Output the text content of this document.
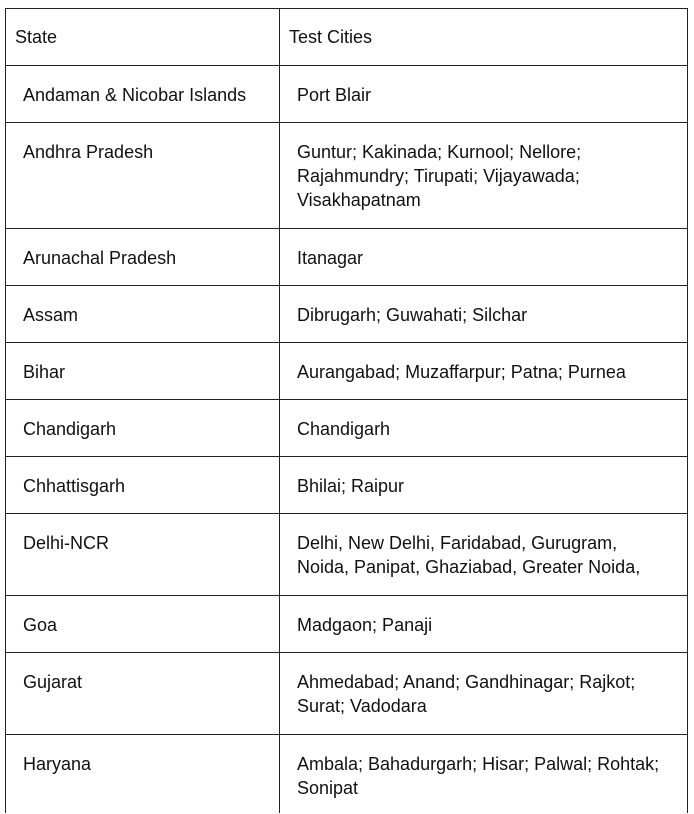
State	Test Cities
Andaman & Nicobar Islands	Port Blair
Andhra Pradesh	Guntur; Kakinada; Kurnool; Nellore; Rajahmundry; Tirupati; Vijayawada; Visakhapatnam
Arunachal Pradesh	Itanagar
Assam	Dibrugarh; Guwahati; Silchar
Bihar	Aurangabad; Muzaffarpur; Patna; Purnea
Chandigarh	Chandigarh
Chhattisgarh	Bhilai; Raipur
Delhi-NCR	Delhi, New Delhi, Faridabad, Gurugram, Noida, Panipat, Ghaziabad, Greater Noida,
Goa	Madgaon; Panaji
Gujarat	Ahmedabad; Anand; Gandhinagar; Rajkot; Surat; Vadodara
Haryana	Ambala; Bahadurgarh; Hisar; Palwal; Rohtak; Sonipat
